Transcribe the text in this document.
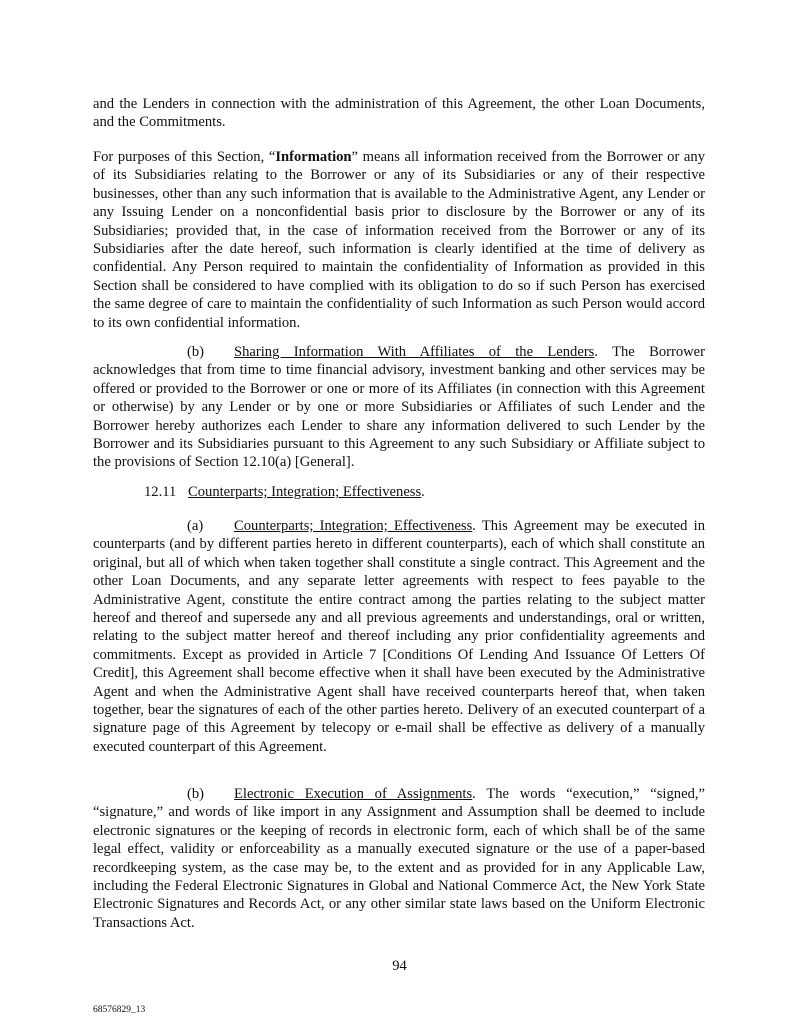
and the Lenders in connection with the administration of this Agreement, the other Loan Documents, and the Commitments.

For purposes of this Section, “Information” means all information received from the Borrower or any of its Subsidiaries relating to the Borrower or any of its Subsidiaries or any of their respective businesses, other than any such information that is available to the Administrative Agent, any Lender or any Issuing Lender on a nonconfidential basis prior to disclosure by the Borrower or any of its Subsidiaries; provided that, in the case of information received from the Borrower or any of its Subsidiaries after the date hereof, such information is clearly identified at the time of delivery as confidential. Any Person required to maintain the confidentiality of Information as provided in this Section shall be considered to have complied with its obligation to do so if such Person has exercised the same degree of care to maintain the confidentiality of such Information as such Person would accord to its own confidential information.

(b) Sharing Information With Affiliates of the Lenders. The Borrower acknowledges that from time to time financial advisory, investment banking and other services may be offered or provided to the Borrower or one or more of its Affiliates (in connection with this Agreement or otherwise) by any Lender or by one or more Subsidiaries or Affiliates of such Lender and the Borrower hereby authorizes each Lender to share any information delivered to such Lender by the Borrower and its Subsidiaries pursuant to this Agreement to any such Subsidiary or Affiliate subject to the provisions of Section 12.10(a) [General].

12.11 Counterparts; Integration; Effectiveness.

(a) Counterparts; Integration; Effectiveness. This Agreement may be executed in counterparts (and by different parties hereto in different counterparts), each of which shall constitute an original, but all of which when taken together shall constitute a single contract. This Agreement and the other Loan Documents, and any separate letter agreements with respect to fees payable to the Administrative Agent, constitute the entire contract among the parties relating to the subject matter hereof and thereof and supersede any and all previous agreements and understandings, oral or written, relating to the subject matter hereof and thereof including any prior confidentiality agreements and commitments. Except as provided in Article 7 [Conditions Of Lending And Issuance Of Letters Of Credit], this Agreement shall become effective when it shall have been executed by the Administrative Agent and when the Administrative Agent shall have received counterparts hereof that, when taken together, bear the signatures of each of the other parties hereto. Delivery of an executed counterpart of a signature page of this Agreement by telecopy or e-mail shall be effective as delivery of a manually executed counterpart of this Agreement.

(b) Electronic Execution of Assignments. The words “execution,” “signed,” “signature,” and words of like import in any Assignment and Assumption shall be deemed to include electronic signatures or the keeping of records in electronic form, each of which shall be of the same legal effect, validity or enforceability as a manually executed signature or the use of a paper-based recordkeeping system, as the case may be, to the extent and as provided for in any Applicable Law, including the Federal Electronic Signatures in Global and National Commerce Act, the New York State Electronic Signatures and Records Act, or any other similar state laws based on the Uniform Electronic Transactions Act.

94
68576829_13
